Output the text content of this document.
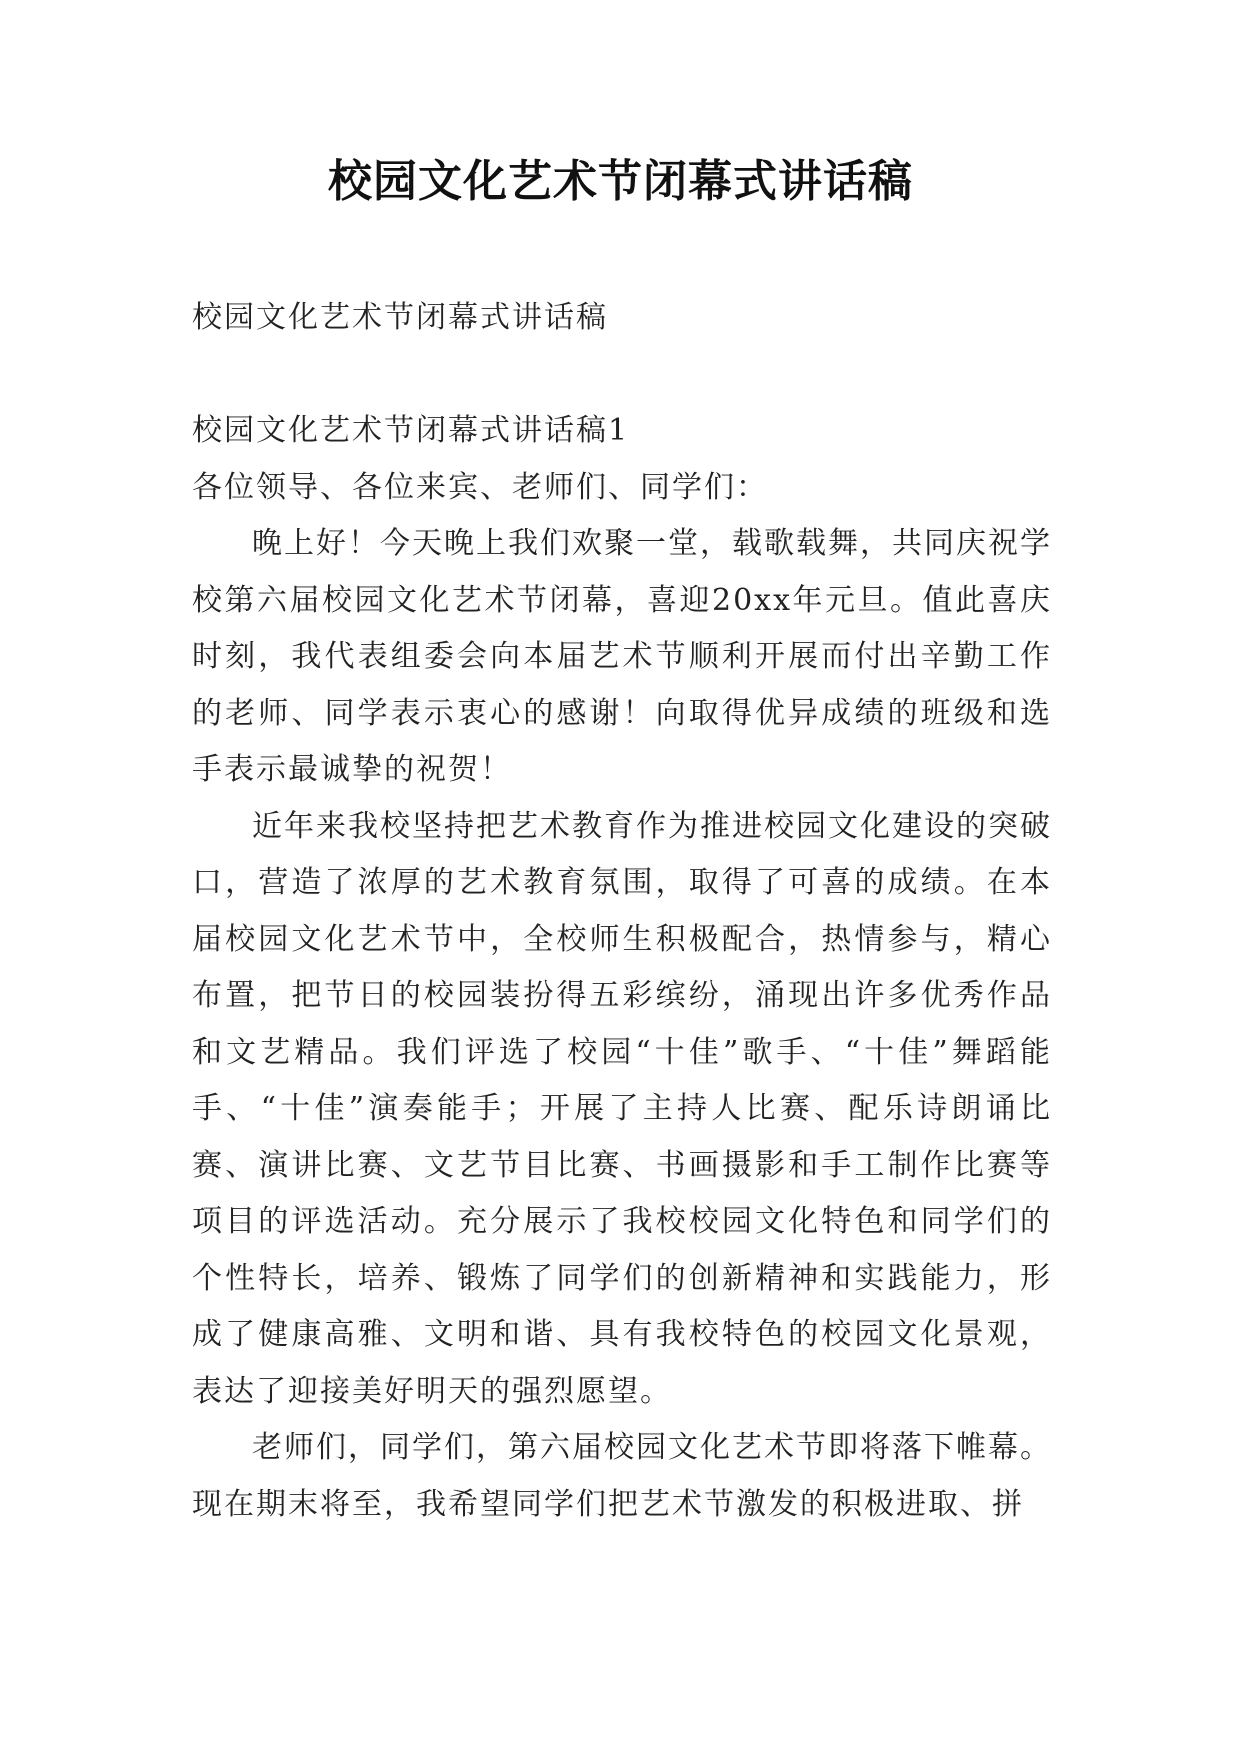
校园文化艺术节闭幕式讲话稿
校园文化艺术节闭幕式讲话稿

校园文化艺术节闭幕式讲话稿1

各位领导、各位来宾、老师们、同学们：

晚上好！今天晚上我们欢聚一堂，载歌载舞，共同庆祝学校第六届校园文化艺术节闭幕，喜迎20xx年元旦。值此喜庆时刻，我代表组委会向本届艺术节顺利开展而付出辛勤工作的老师、同学表示衷心的感谢！向取得优异成绩的班级和选手表示最诚挚的祝贺！

近年来我校坚持把艺术教育作为推进校园文化建设的突破口，营造了浓厚的艺术教育氛围，取得了可喜的成绩。在本届校园文化艺术节中，全校师生积极配合，热情参与，精心布置，把节日的校园装扮得五彩缤纷，涌现出许多优秀作品和文艺精品。我们评选了校园“十佳”歌手、“十佳”舞蹈能手、“十佳”演奏能手；开展了主持人比赛、配乐诗朗诵比赛、演讲比赛、文艺节目比赛、书画摄影和手工制作比赛等项目的评选活动。充分展示了我校校园文化特色和同学们的个性特长，培养、锻炼了同学们的创新精神和实践能力，形成了健康高雅、文明和谐、具有我校特色的校园文化景观，表达了迎接美好明天的强烈愿望。

老师们，同学们，第六届校园文化艺术节即将落下帷幕。现在期末将至，我希望同学们把艺术节激发的积极进取、拼
